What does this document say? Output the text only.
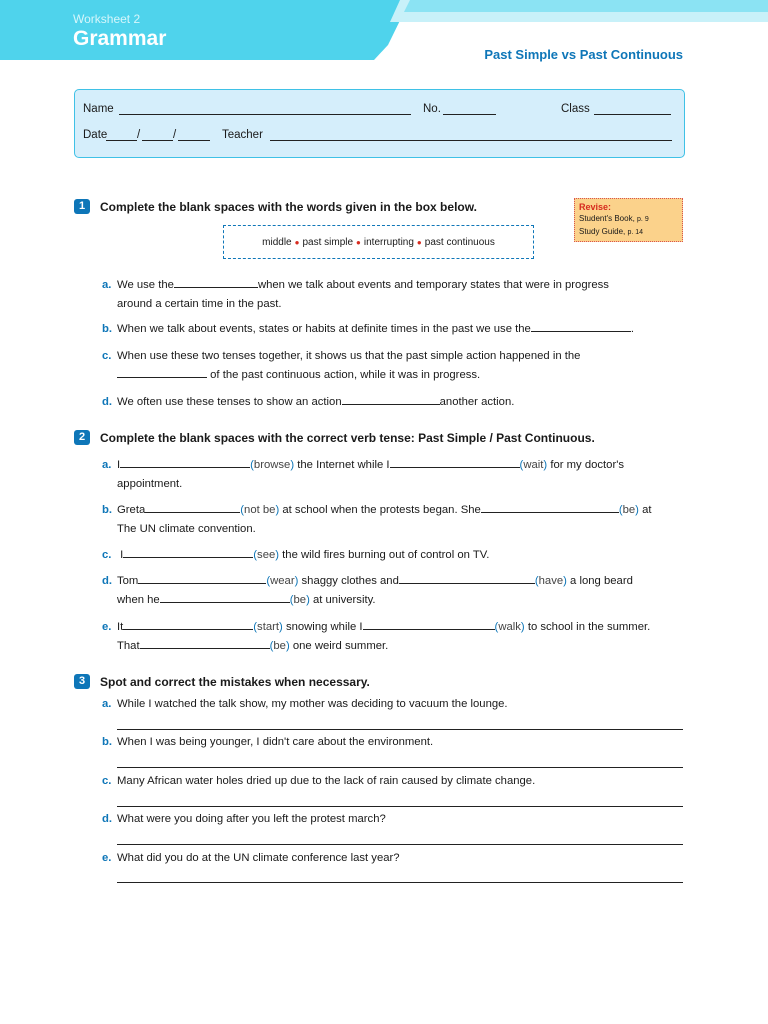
Worksheet 2
Grammar
Past Simple vs Past Continuous
Name	No.	Class
Date	/	/	Teacher
1 Complete the blank spaces with the words given in the box below.	Revise:
Student's Book, p. 9
Study Guide, p. 14
middle ● past simple ● interrupting ● past continuous
a. We use the	when we talk about events and temporary states that were in progress
around a certain time in the past.
b. When we talk about events, states or habits at definite times in the past we use the	.
c. When use these two tenses together, it shows us that the past simple action happened in the
of the past continuous action, while it was in progress.
d. We often use these tenses to show an action	another action.
2 Complete the blank spaces with the correct verb tense: Past Simple / Past Continuous.
a. I	(browse) the Internet while I	(wait) for my doctor's
appointment.
b. Greta	(not be) at school when the protests began. She	(be) at
The UN climate convention.
c. I	(see) the wild fires burning out of control on TV.
d. Tom	(wear) shaggy clothes and	(have) a long beard
when he	(be) at university.
e. It	(start) snowing while I	(walk) to school in the summer.
That	(be) one weird summer.
3 Spot and correct the mistakes when necessary.
a. While I watched the talk show, my mother was deciding to vacuum the lounge.
b. When I was being younger, I didn't care about the environment.
c. Many African water holes dried up due to the lack of rain caused by climate change.
d. What were you doing after you left the protest march?
e. What did you do at the UN climate conference last year?
